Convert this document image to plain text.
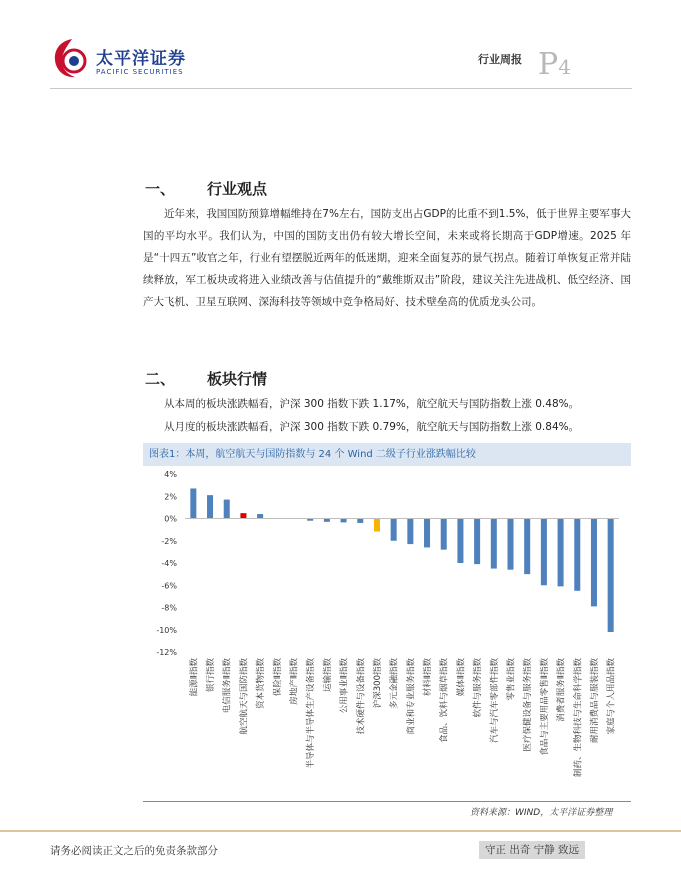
太平洋证券
PACIFIC SECURITIES
行业周报 P4
一、 行业观点

近年来，我国国防预算增幅维持在7%左右，国防支出占GDP的比重不到1.5%，低于世界主要军事大国的平均水平。我们认为，中国的国防支出仍有较大增长空间，未来或将长期高于GDP增速。2025 年是“十四五”收官之年，行业有望摆脱近两年的低迷期，迎来全面复苏的景气拐点。随着订单恢复正常并陆续释放，军工板块或将进入业绩改善与估值提升的“戴维斯双击”阶段，建议关注先进战机、低空经济、国产大飞机、卫星互联网、深海科技等领域中竞争格局好、技术壁垒高的优质龙头公司。

二、 板块行情
从本周的板块涨跌幅看，沪深 300 指数下跌 1.17%，航空航天与国防指数上涨 0.48%。
从月度的板块涨跌幅看，沪深 300 指数下跌 0.79%，航空航天与国防指数上涨 0.84%。
图表1：本周，航空航天与国防指数与 24 个 Wind 二级子行业涨跌幅比较
4%
2%
0%
-2%
-4%
-6%
-8%
-10%
-12%
能源Ⅱ指数 银行指数 电信服务Ⅱ指数 航空航天与国防指数 资本货物指数 保险Ⅱ指数 房地产Ⅱ指数 半导体与半导体生产设备指数 运输指数 公用事业Ⅱ指数 技术硬件与设备指数 沪深300指数 多元金融指数 商业和专业服务指数 材料Ⅱ指数 食品、饮料与烟草指数 媒体Ⅱ指数 软件与服务指数 汽车与汽车零部件指数 零售业指数 医疗保健设备与服务指数 食品与主要用品零售Ⅱ指数 消费者服务Ⅱ指数 制药、生物科技与生命科学指数 耐用消费品与服装指数 家庭与个人用品指数
资料来源：WIND，太平洋证券整理
请务必阅读正文之后的免责条款部分	守正 出奇 宁静 致远
